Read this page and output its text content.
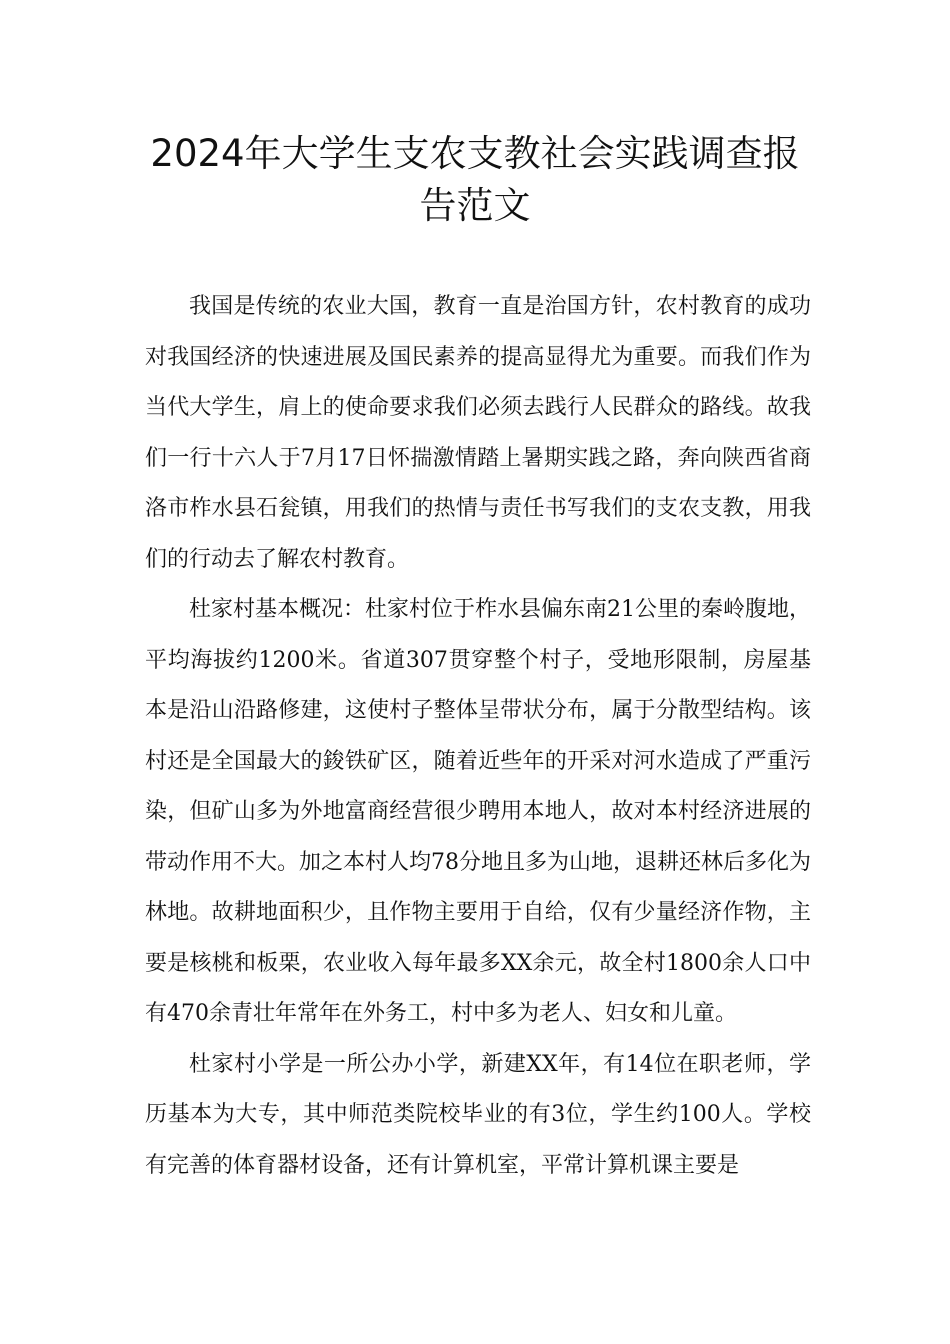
2024年大学生支农支教社会实践调查报告范文

我国是传统的农业大国，教育一直是治国方针，农村教育的成功对我国经济的快速进展及国民素养的提高显得尤为重要。而我们作为当代大学生，肩上的使命要求我们必须去践行人民群众的路线。故我们一行十六人于7月17日怀揣激情踏上暑期实践之路，奔向陕西省商洛市柞水县石瓮镇，用我们的热情与责任书写我们的支农支教，用我们的行动去了解农村教育。

杜家村基本概况：杜家村位于柞水县偏东南21公里的秦岭腹地，平均海拔约1200米。省道307贯穿整个村子，受地形限制，房屋基本是沿山沿路修建，这使村子整体呈带状分布，属于分散型结构。该村还是全国最大的鋑铁矿区，随着近些年的开采对河水造成了严重污染，但矿山多为外地富商经营很少聘用本地人，故对本村经济进展的带动作用不大。加之本村人均78分地且多为山地，退耕还林后多化为林地。故耕地面积少，且作物主要用于自给，仅有少量经济作物，主要是核桃和板栗，农业收入每年最多XX余元，故全村1800余人口中有470余青壮年常年在外务工，村中多为老人、妇女和儿童。

杜家村小学是一所公办小学，新建XX年，有14位在职老师，学历基本为大专，其中师范类院校毕业的有3位，学生约100人。学校有完善的体育器材设备，还有计算机室，平常计算机课主要是
